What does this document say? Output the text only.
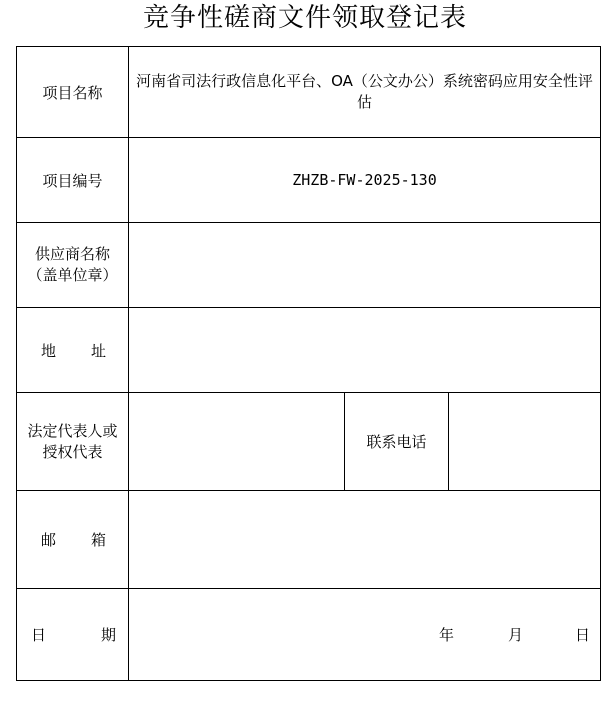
竞争性磋商文件领取登记表
项目名称	河南省司法行政信息化平台、OA（公文办公）系统密码应用安全性评估		

项目编号	ZHZB-FW-2025-130		

供应商名称
（盖单位章）			

地 址			

法定代表人或
授权代表		联系电话	

邮 箱			

日 期	年 月 日		
